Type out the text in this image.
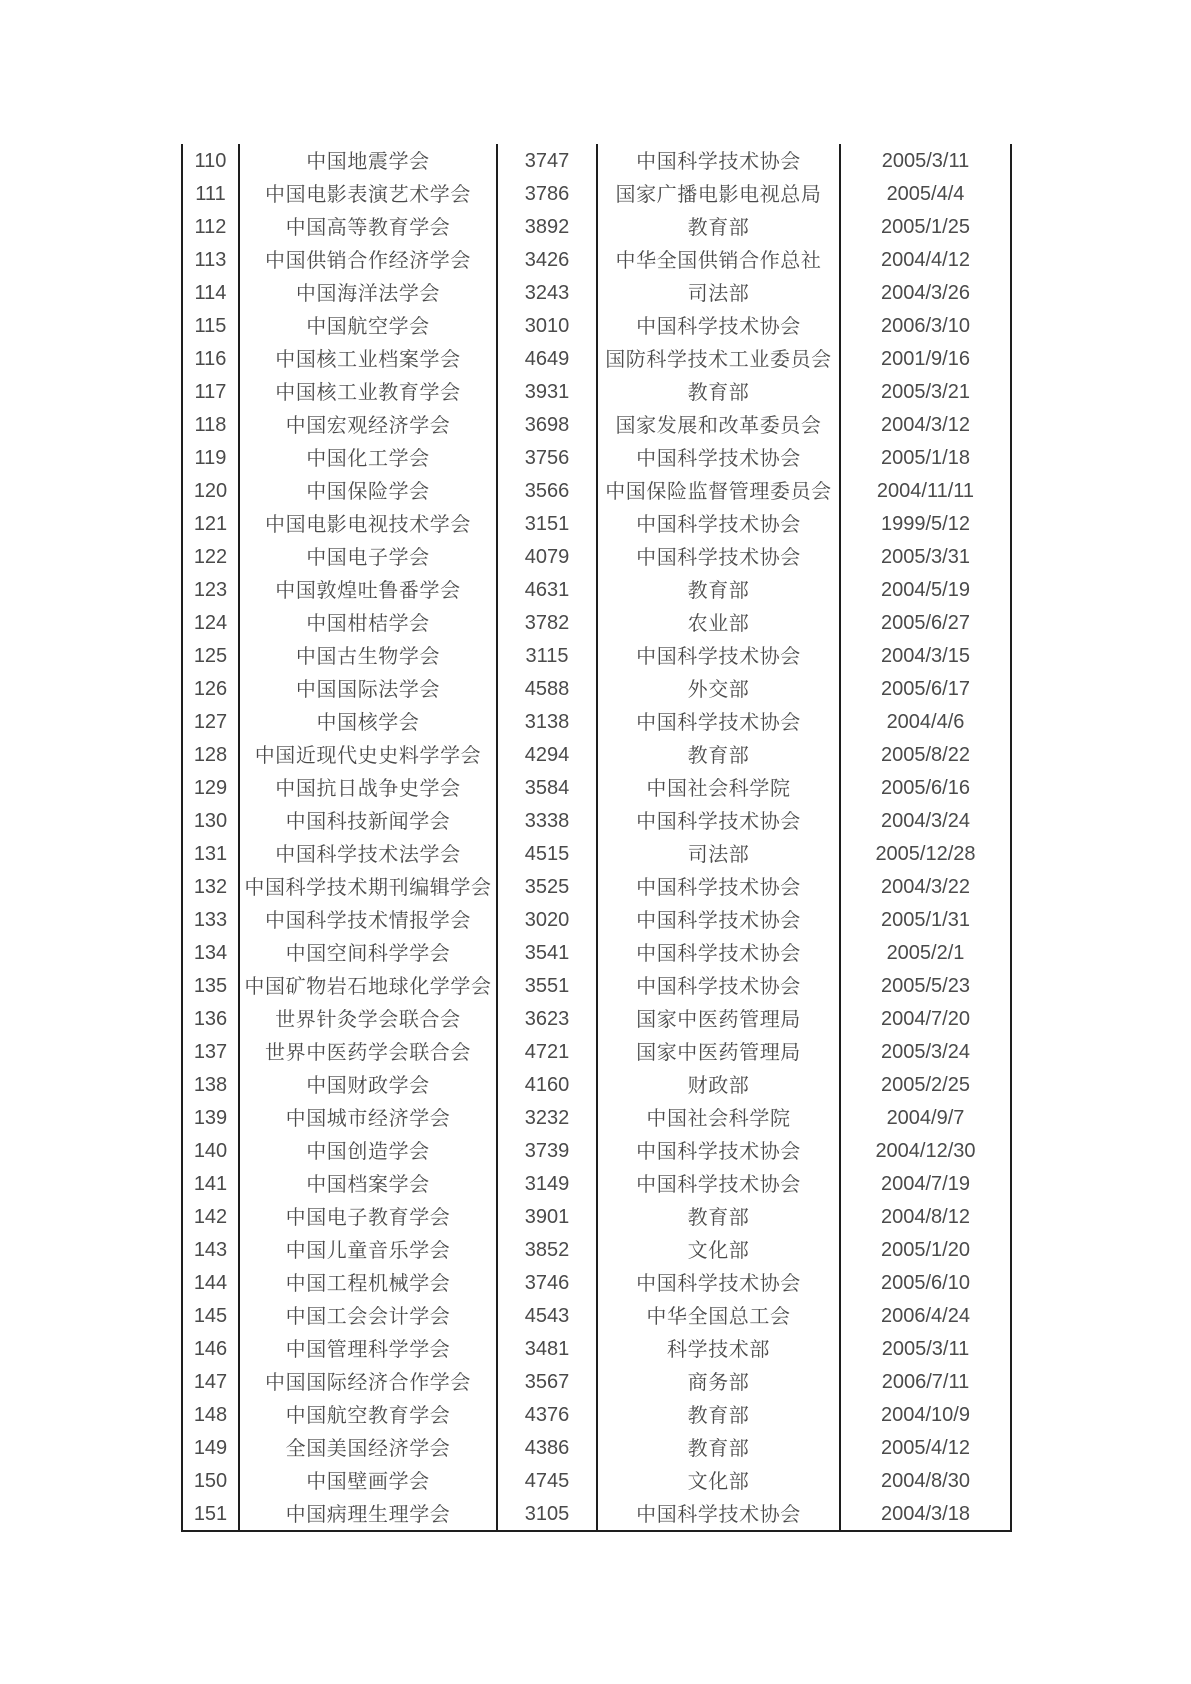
110	中国地震学会	3747	中国科学技术协会	2005/3/11
111	中国电影表演艺术学会	3786	国家广播电影电视总局	2005/4/4
112	中国高等教育学会	3892	教育部	2005/1/25
113	中国供销合作经济学会	3426	中华全国供销合作总社	2004/4/12
114	中国海洋法学会	3243	司法部	2004/3/26
115	中国航空学会	3010	中国科学技术协会	2006/3/10
116	中国核工业档案学会	4649	国防科学技术工业委员会	2001/9/16
117	中国核工业教育学会	3931	教育部	2005/3/21
118	中国宏观经济学会	3698	国家发展和改革委员会	2004/3/12
119	中国化工学会	3756	中国科学技术协会	2005/1/18
120	中国保险学会	3566	中国保险监督管理委员会	2004/11/11
121	中国电影电视技术学会	3151	中国科学技术协会	1999/5/12
122	中国电子学会	4079	中国科学技术协会	2005/3/31
123	中国敦煌吐鲁番学会	4631	教育部	2004/5/19
124	中国柑桔学会	3782	农业部	2005/6/27
125	中国古生物学会	3115	中国科学技术协会	2004/3/15
126	中国国际法学会	4588	外交部	2005/6/17
127	中国核学会	3138	中国科学技术协会	2004/4/6
128	中国近现代史史料学学会	4294	教育部	2005/8/22
129	中国抗日战争史学会	3584	中国社会科学院	2005/6/16
130	中国科技新闻学会	3338	中国科学技术协会	2004/3/24
131	中国科学技术法学会	4515	司法部	2005/12/28
132	中国科学技术期刊编辑学会	3525	中国科学技术协会	2004/3/22
133	中国科学技术情报学会	3020	中国科学技术协会	2005/1/31
134	中国空间科学学会	3541	中国科学技术协会	2005/2/1
135	中国矿物岩石地球化学学会	3551	中国科学技术协会	2005/5/23
136	世界针灸学会联合会	3623	国家中医药管理局	2004/7/20
137	世界中医药学会联合会	4721	国家中医药管理局	2005/3/24
138	中国财政学会	4160	财政部	2005/2/25
139	中国城市经济学会	3232	中国社会科学院	2004/9/7
140	中国创造学会	3739	中国科学技术协会	2004/12/30
141	中国档案学会	3149	中国科学技术协会	2004/7/19
142	中国电子教育学会	3901	教育部	2004/8/12
143	中国儿童音乐学会	3852	文化部	2005/1/20
144	中国工程机械学会	3746	中国科学技术协会	2005/6/10
145	中国工会会计学会	4543	中华全国总工会	2006/4/24
146	中国管理科学学会	3481	科学技术部	2005/3/11
147	中国国际经济合作学会	3567	商务部	2006/7/11
148	中国航空教育学会	4376	教育部	2004/10/9
149	全国美国经济学会	4386	教育部	2005/4/12
150	中国壁画学会	4745	文化部	2004/8/30
151	中国病理生理学会	3105	中国科学技术协会	2004/3/18
